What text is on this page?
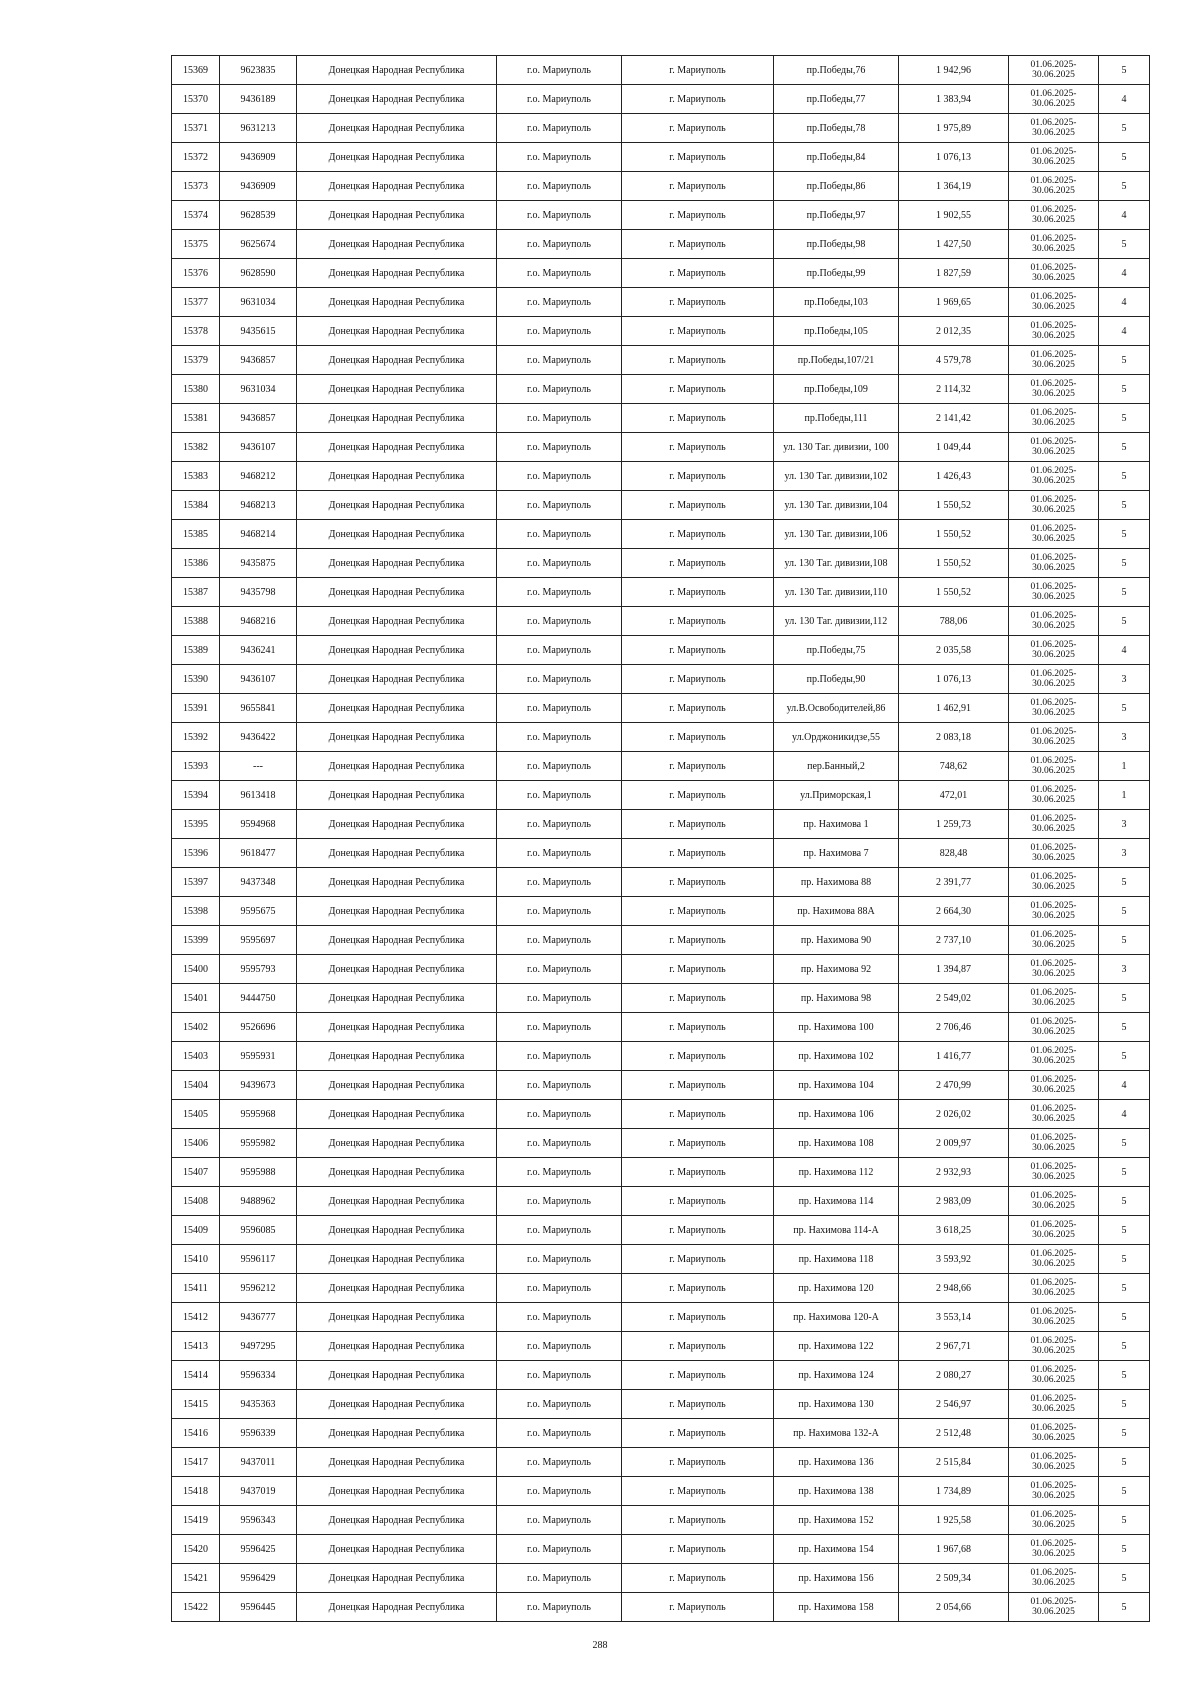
15369	9623835	Донецкая Народная Республика	г.о. Мариуполь	г. Мариуполь	пр.Победы,76	1 942,96	01.06.2025-30.06.2025	5
15370	9436189	Донецкая Народная Республика	г.о. Мариуполь	г. Мариуполь	пр.Победы,77	1 383,94	01.06.2025-30.06.2025	4
15371	9631213	Донецкая Народная Республика	г.о. Мариуполь	г. Мариуполь	пр.Победы,78	1 975,89	01.06.2025-30.06.2025	5
15372	9436909	Донецкая Народная Республика	г.о. Мариуполь	г. Мариуполь	пр.Победы,84	1 076,13	01.06.2025-30.06.2025	5
15373	9436909	Донецкая Народная Республика	г.о. Мариуполь	г. Мариуполь	пр.Победы,86	1 364,19	01.06.2025-30.06.2025	5
15374	9628539	Донецкая Народная Республика	г.о. Мариуполь	г. Мариуполь	пр.Победы,97	1 902,55	01.06.2025-30.06.2025	4
15375	9625674	Донецкая Народная Республика	г.о. Мариуполь	г. Мариуполь	пр.Победы,98	1 427,50	01.06.2025-30.06.2025	5
15376	9628590	Донецкая Народная Республика	г.о. Мариуполь	г. Мариуполь	пр.Победы,99	1 827,59	01.06.2025-30.06.2025	4
15377	9631034	Донецкая Народная Республика	г.о. Мариуполь	г. Мариуполь	пр.Победы,103	1 969,65	01.06.2025-30.06.2025	4
15378	9435615	Донецкая Народная Республика	г.о. Мариуполь	г. Мариуполь	пр.Победы,105	2 012,35	01.06.2025-30.06.2025	4
15379	9436857	Донецкая Народная Республика	г.о. Мариуполь	г. Мариуполь	пр.Победы,107/21	4 579,78	01.06.2025-30.06.2025	5
15380	9631034	Донецкая Народная Республика	г.о. Мариуполь	г. Мариуполь	пр.Победы,109	2 114,32	01.06.2025-30.06.2025	5
15381	9436857	Донецкая Народная Республика	г.о. Мариуполь	г. Мариуполь	пр.Победы,111	2 141,42	01.06.2025-30.06.2025	5
15382	9436107	Донецкая Народная Республика	г.о. Мариуполь	г. Мариуполь	ул. 130 Таг. дивизии, 100	1 049,44	01.06.2025-30.06.2025	5
15383	9468212	Донецкая Народная Республика	г.о. Мариуполь	г. Мариуполь	ул. 130 Таг. дивизии,102	1 426,43	01.06.2025-30.06.2025	5
15384	9468213	Донецкая Народная Республика	г.о. Мариуполь	г. Мариуполь	ул. 130 Таг. дивизии,104	1 550,52	01.06.2025-30.06.2025	5
15385	9468214	Донецкая Народная Республика	г.о. Мариуполь	г. Мариуполь	ул. 130 Таг. дивизии,106	1 550,52	01.06.2025-30.06.2025	5
15386	9435875	Донецкая Народная Республика	г.о. Мариуполь	г. Мариуполь	ул. 130 Таг. дивизии,108	1 550,52	01.06.2025-30.06.2025	5
15387	9435798	Донецкая Народная Республика	г.о. Мариуполь	г. Мариуполь	ул. 130 Таг. дивизии,110	1 550,52	01.06.2025-30.06.2025	5
15388	9468216	Донецкая Народная Республика	г.о. Мариуполь	г. Мариуполь	ул. 130 Таг. дивизии,112	788,06	01.06.2025-30.06.2025	5
15389	9436241	Донецкая Народная Республика	г.о. Мариуполь	г. Мариуполь	пр.Победы,75	2 035,58	01.06.2025-30.06.2025	4
15390	9436107	Донецкая Народная Республика	г.о. Мариуполь	г. Мариуполь	пр.Победы,90	1 076,13	01.06.2025-30.06.2025	3
15391	9655841	Донецкая Народная Республика	г.о. Мариуполь	г. Мариуполь	ул.В.Освободителей,86	1 462,91	01.06.2025-30.06.2025	5
15392	9436422	Донецкая Народная Республика	г.о. Мариуполь	г. Мариуполь	ул.Орджоникидзе,55	2 083,18	01.06.2025-30.06.2025	3
15393	---	Донецкая Народная Республика	г.о. Мариуполь	г. Мариуполь	пер.Банный,2	748,62	01.06.2025-30.06.2025	1
15394	9613418	Донецкая Народная Республика	г.о. Мариуполь	г. Мариуполь	ул.Приморская,1	472,01	01.06.2025-30.06.2025	1
15395	9594968	Донецкая Народная Республика	г.о. Мариуполь	г. Мариуполь	пр. Нахимова 1	1 259,73	01.06.2025-30.06.2025	3
15396	9618477	Донецкая Народная Республика	г.о. Мариуполь	г. Мариуполь	пр. Нахимова 7	828,48	01.06.2025-30.06.2025	3
15397	9437348	Донецкая Народная Республика	г.о. Мариуполь	г. Мариуполь	пр. Нахимова 88	2 391,77	01.06.2025-30.06.2025	5
15398	9595675	Донецкая Народная Республика	г.о. Мариуполь	г. Мариуполь	пр. Нахимова 88А	2 664,30	01.06.2025-30.06.2025	5
15399	9595697	Донецкая Народная Республика	г.о. Мариуполь	г. Мариуполь	пр. Нахимова 90	2 737,10	01.06.2025-30.06.2025	5
15400	9595793	Донецкая Народная Республика	г.о. Мариуполь	г. Мариуполь	пр. Нахимова 92	1 394,87	01.06.2025-30.06.2025	3
15401	9444750	Донецкая Народная Республика	г.о. Мариуполь	г. Мариуполь	пр. Нахимова 98	2 549,02	01.06.2025-30.06.2025	5
15402	9526696	Донецкая Народная Республика	г.о. Мариуполь	г. Мариуполь	пр. Нахимова 100	2 706,46	01.06.2025-30.06.2025	5
15403	9595931	Донецкая Народная Республика	г.о. Мариуполь	г. Мариуполь	пр. Нахимова 102	1 416,77	01.06.2025-30.06.2025	5
15404	9439673	Донецкая Народная Республика	г.о. Мариуполь	г. Мариуполь	пр. Нахимова 104	2 470,99	01.06.2025-30.06.2025	4
15405	9595968	Донецкая Народная Республика	г.о. Мариуполь	г. Мариуполь	пр. Нахимова 106	2 026,02	01.06.2025-30.06.2025	4
15406	9595982	Донецкая Народная Республика	г.о. Мариуполь	г. Мариуполь	пр. Нахимова 108	2 009,97	01.06.2025-30.06.2025	5
15407	9595988	Донецкая Народная Республика	г.о. Мариуполь	г. Мариуполь	пр. Нахимова 112	2 932,93	01.06.2025-30.06.2025	5
15408	9488962	Донецкая Народная Республика	г.о. Мариуполь	г. Мариуполь	пр. Нахимова 114	2 983,09	01.06.2025-30.06.2025	5
15409	9596085	Донецкая Народная Республика	г.о. Мариуполь	г. Мариуполь	пр. Нахимова 114-А	3 618,25	01.06.2025-30.06.2025	5
15410	9596117	Донецкая Народная Республика	г.о. Мариуполь	г. Мариуполь	пр. Нахимова 118	3 593,92	01.06.2025-30.06.2025	5
15411	9596212	Донецкая Народная Республика	г.о. Мариуполь	г. Мариуполь	пр. Нахимова 120	2 948,66	01.06.2025-30.06.2025	5
15412	9436777	Донецкая Народная Республика	г.о. Мариуполь	г. Мариуполь	пр. Нахимова 120-А	3 553,14	01.06.2025-30.06.2025	5
15413	9497295	Донецкая Народная Республика	г.о. Мариуполь	г. Мариуполь	пр. Нахимова 122	2 967,71	01.06.2025-30.06.2025	5
15414	9596334	Донецкая Народная Республика	г.о. Мариуполь	г. Мариуполь	пр. Нахимова 124	2 080,27	01.06.2025-30.06.2025	5
15415	9435363	Донецкая Народная Республика	г.о. Мариуполь	г. Мариуполь	пр. Нахимова 130	2 546,97	01.06.2025-30.06.2025	5
15416	9596339	Донецкая Народная Республика	г.о. Мариуполь	г. Мариуполь	пр. Нахимова 132-А	2 512,48	01.06.2025-30.06.2025	5
15417	9437011	Донецкая Народная Республика	г.о. Мариуполь	г. Мариуполь	пр. Нахимова 136	2 515,84	01.06.2025-30.06.2025	5
15418	9437019	Донецкая Народная Республика	г.о. Мариуполь	г. Мариуполь	пр. Нахимова 138	1 734,89	01.06.2025-30.06.2025	5
15419	9596343	Донецкая Народная Республика	г.о. Мариуполь	г. Мариуполь	пр. Нахимова 152	1 925,58	01.06.2025-30.06.2025	5
15420	9596425	Донецкая Народная Республика	г.о. Мариуполь	г. Мариуполь	пр. Нахимова 154	1 967,68	01.06.2025-30.06.2025	5
15421	9596429	Донецкая Народная Республика	г.о. Мариуполь	г. Мариуполь	пр. Нахимова 156	2 509,34	01.06.2025-30.06.2025	5
15422	9596445	Донецкая Народная Республика	г.о. Мариуполь	г. Мариуполь	пр. Нахимова 158	2 054,66	01.06.2025-30.06.2025	5
288
